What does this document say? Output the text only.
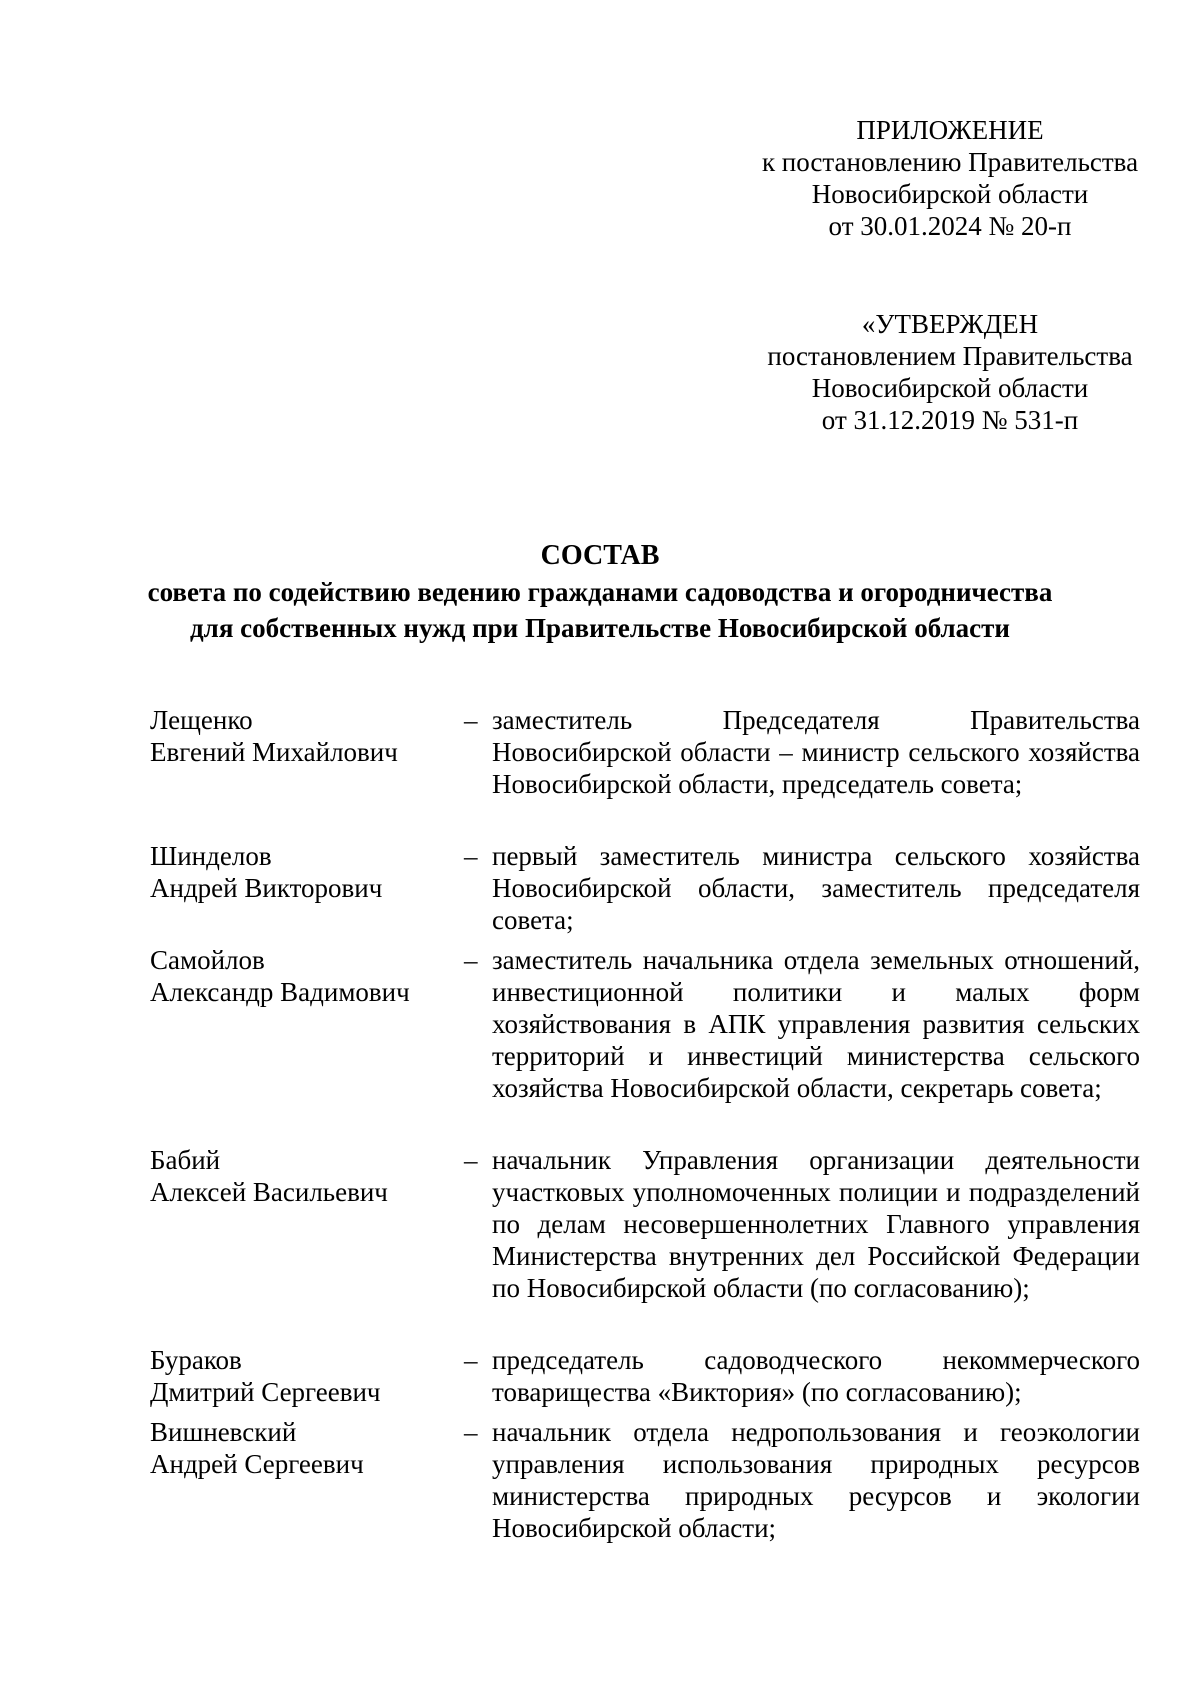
ПРИЛОЖЕНИЕ
к постановлению Правительства
Новосибирской области
от 30.01.2024 № 20-п
«УТВЕРЖДЕН
постановлением Правительства
Новосибирской области
от 31.12.2019 № 531-п
СОСТАВ
совета по содействию ведению гражданами садоводства и огородничества
для собственных нужд при Правительстве Новосибирской области
Лещенко
Евгений Михайлович
– заместитель Председателя Правительства Новосибирской области – министр сельского хозяйства Новосибирской области, председатель совета;
Шинделов
Андрей Викторович
– первый заместитель министра сельского хозяйства Новосибирской области, заместитель председателя совета;
Самойлов
Александр Вадимович
– заместитель начальника отдела земельных отношений, инвестиционной политики и малых форм хозяйствования в АПК управления развития сельских территорий и инвестиций министерства сельского хозяйства Новосибирской области, секретарь совета;
Бабий
Алексей Васильевич
– начальник Управления организации деятельности участковых уполномоченных полиции и подразделений по делам несовершеннолетних Главного управления Министерства внутренних дел Российской Федерации по Новосибирской области (по согласованию);
Бураков
Дмитрий Сергеевич
– председатель садоводческого некоммерческого товарищества «Виктория» (по согласованию);
Вишневский
Андрей Сергеевич
– начальник отдела недропользования и геоэкологии управления использования природных ресурсов министерства природных ресурсов и экологии Новосибирской области;
